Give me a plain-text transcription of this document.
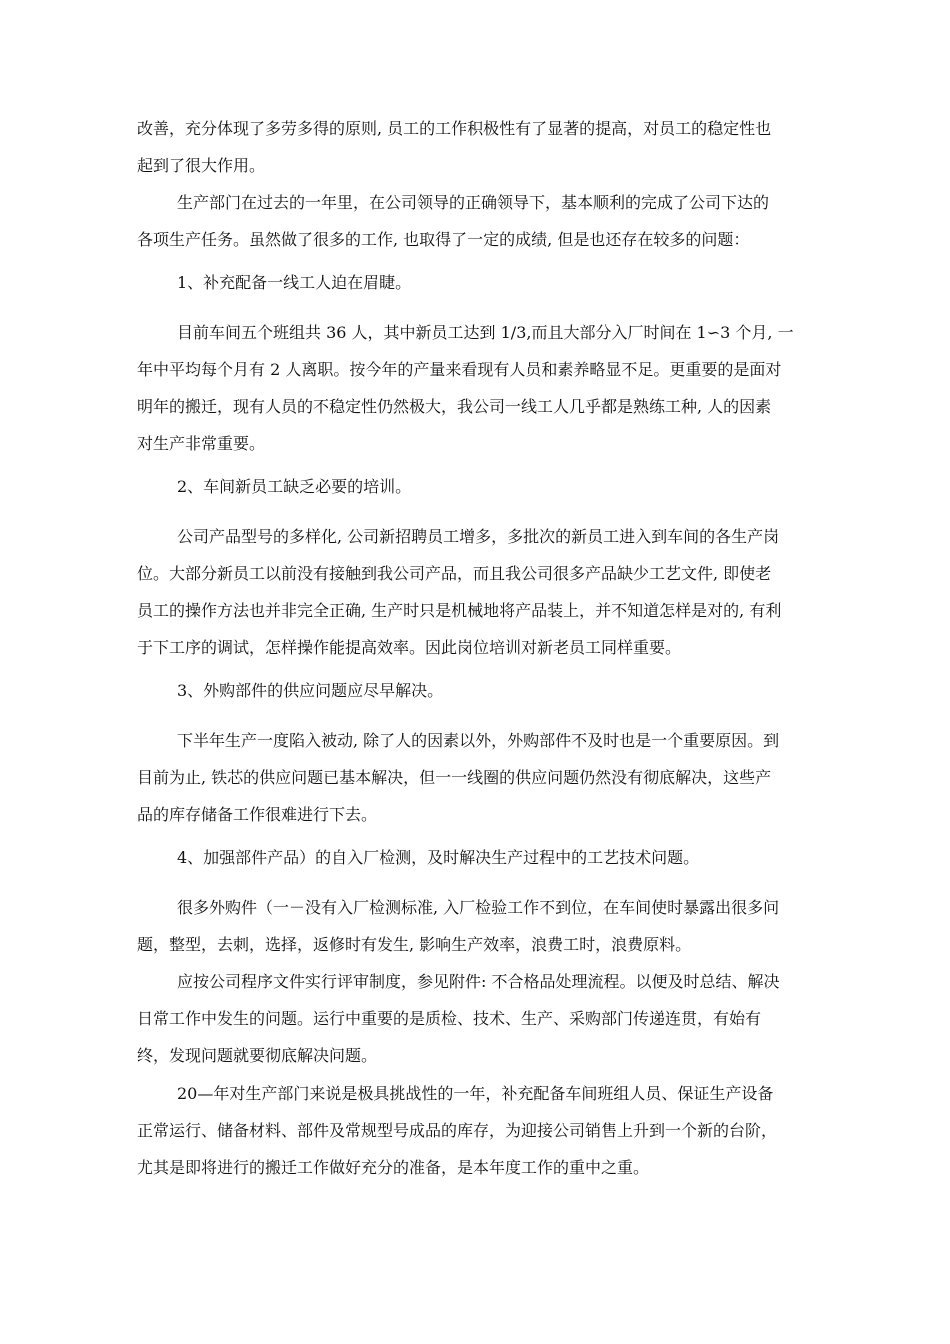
改善，充分体现了多劳多得的原则, 员工的工作积极性有了显著的提高，对员工的稳定性也
起到了很大作用。
生产部门在过去的一年里，在公司领导的正确领导下，基本顺利的完成了公司下达的
各项生产任务。虽然做了很多的工作, 也取得了一定的成绩, 但是也还存在较多的问题：
1、补充配备一线工人迫在眉睫。
目前车间五个班组共 36 人，其中新员工达到 1/3,而且大部分入厂时间在 1∽3 个月, 一
年中平均每个月有 2 人离职。按今年的产量来看现有人员和素养略显不足。更重要的是面对
明年的搬迁，现有人员的不稳定性仍然极大，我公司一线工人几乎都是熟练工种, 人的因素
对生产非常重要。
2、车间新员工缺乏必要的培训。
公司产品型号的多样化, 公司新招聘员工增多，多批次的新员工进入到车间的各生产岗
位。大部分新员工以前没有接触到我公司产品，而且我公司很多产品缺少工艺文件, 即使老
员工的操作方法也并非完全正确, 生产时只是机械地将产品装上，并不知道怎样是对的, 有利
于下工序的调试，怎样操作能提高效率。因此岗位培训对新老员工同样重要。
3、外购部件的供应问题应尽早解决。
下半年生产一度陷入被动, 除了人的因素以外，外购部件不及时也是一个重要原因。到
目前为止, 铁芯的供应问题已基本解决，但一一线圈的供应问题仍然没有彻底解决，这些产
品的库存储备工作很难进行下去。
4、加强部件产品）的自入厂检测，及时解决生产过程中的工艺技术问题。
很多外购件（一－没有入厂检测标准, 入厂检验工作不到位，在车间使时暴露出很多问
题，整型，去刺，选择，返修时有发生, 影响生产效率，浪费工时，浪费原料。
应按公司程序文件实行评审制度，参见附件: 不合格品处理流程。以便及时总结、解决
日常工作中发生的问题。运行中重要的是质检、技术、生产、采购部门传递连贯，有始有
终，发现问题就要彻底解决问题。
20—年对生产部门来说是极具挑战性的一年，补充配备车间班组人员、保证生产设备
正常运行、储备材料、部件及常规型号成品的库存，为迎接公司销售上升到一个新的台阶，
尤其是即将进行的搬迁工作做好充分的准备，是本年度工作的重中之重。
